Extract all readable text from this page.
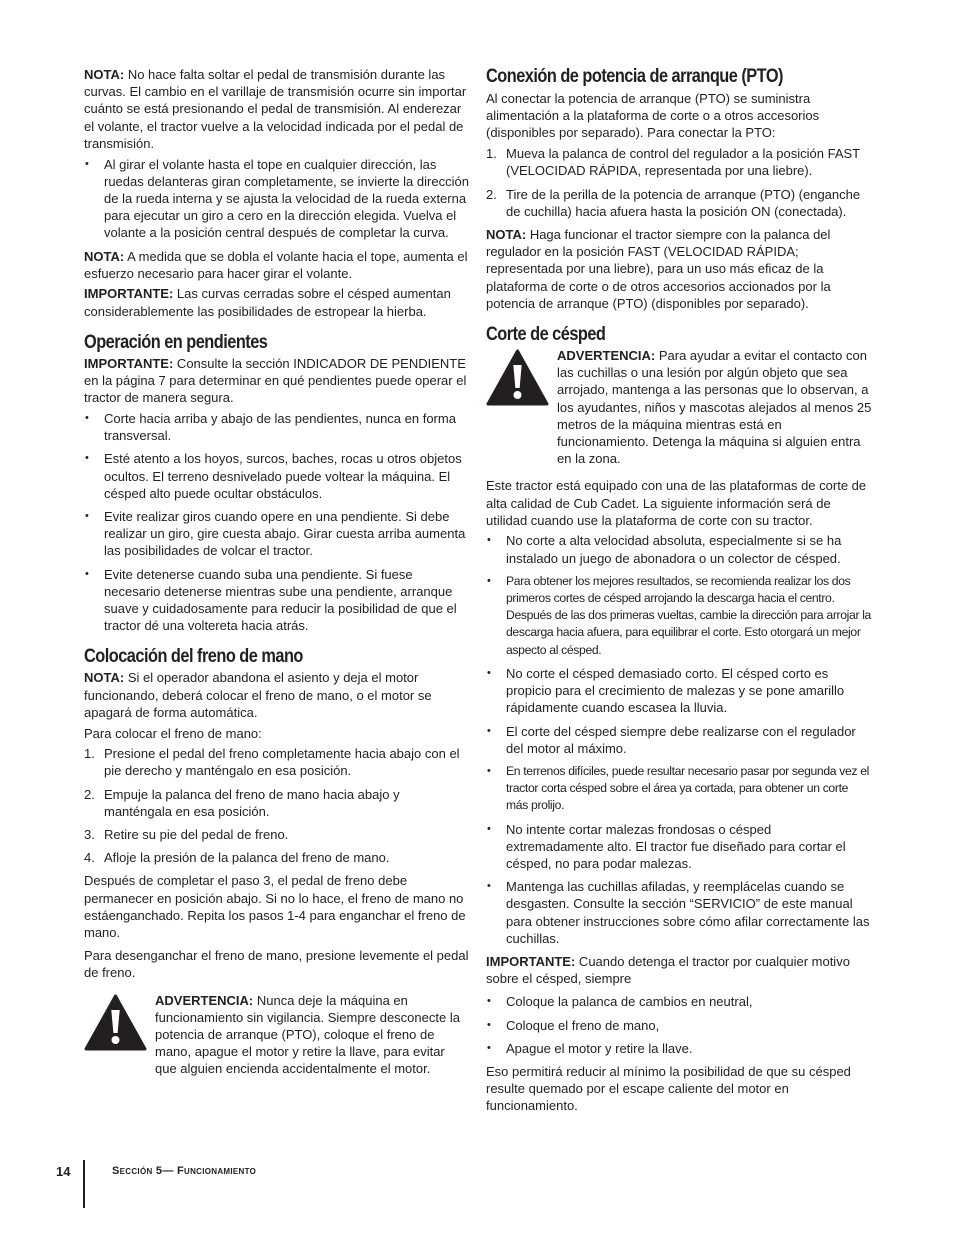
NOTA: No hace falta soltar el pedal de transmisión durante las curvas. El cambio en el varillaje de transmisión ocurre sin importar cuánto se está presionando el pedal de transmisión. Al enderezar el volante, el tractor vuelve a la velocidad indicada por el pedal de transmisión.

• Al girar el volante hasta el tope en cualquier dirección, las ruedas delanteras giran completamente, se invierte la dirección de la rueda interna y se ajusta la velocidad de la rueda externa para ejecutar un giro a cero en la dirección elegida. Vuelva el volante a la posición central después de completar la curva.

NOTA: A medida que se dobla el volante hacia el tope, aumenta el esfuerzo necesario para hacer girar el volante.

IMPORTANTE: Las curvas cerradas sobre el césped aumentan considerablemente las posibilidades de estropear la hierba.

Operación en pendientes

IMPORTANTE: Consulte la sección INDICADOR DE PENDIENTE en la página 7 para determinar en qué pendientes puede operar el tractor de manera segura.

• Corte hacia arriba y abajo de las pendientes, nunca en forma transversal.
• Esté atento a los hoyos, surcos, baches, rocas u otros objetos ocultos. El terreno desnivelado puede voltear la máquina. El césped alto puede ocultar obstáculos.
• Evite realizar giros cuando opere en una pendiente. Si debe realizar un giro, gire cuesta abajo. Girar cuesta arriba aumenta las posibilidades de volcar el tractor.
• Evite detenerse cuando suba una pendiente. Si fuese necesario detenerse mientras sube una pendiente, arranque suave y cuidadosamente para reducir la posibilidad de que el tractor dé una voltereta hacia atrás.
Colocación del freno de mano

NOTA: Si el operador abandona el asiento y deja el motor funcionando, deberá colocar el freno de mano, o el motor se apagará de forma automática.

Para colocar el freno de mano:

1. Presione el pedal del freno completamente hacia abajo con el pie derecho y manténgalo en esa posición.
2. Empuje la palanca del freno de mano hacia abajo y manténgala en esa posición.
3. Retire su pie del pedal de freno.
4. Afloje la presión de la palanca del freno de mano.

Después de completar el paso 3, el pedal de freno debe permanecer en posición abajo. Si no lo hace, el freno de mano no estáenganchado. Repita los pasos 1-4 para enganchar el freno de mano.

Para desenganchar el freno de mano, presione levemente el pedal de freno.

ADVERTENCIA: Nunca deje la máquina en funcionamiento sin vigilancia. Siempre desconecte la potencia de arranque (PTO), coloque el freno de mano, apague el motor y retire la llave, para evitar que alguien encienda accidentalmente el motor.
Conexión de potencia de arranque (PTO)

Al conectar la potencia de arranque (PTO) se suministra alimentación a la plataforma de corte o a otros accesorios (disponibles por separado). Para conectar la PTO:

1. Mueva la palanca de control del regulador a la posición FAST (VELOCIDAD RÁPIDA, representada por una liebre).
2. Tire de la perilla de la potencia de arranque (PTO) (enganche de cuchilla) hacia afuera hasta la posición ON (conectada).

NOTA: Haga funcionar el tractor siempre con la palanca del regulador en la posición FAST (VELOCIDAD RÁPIDA; representada por una liebre), para un uso más eficaz de la plataforma de corte o de otros accesorios accionados por la potencia de arranque (PTO) (disponibles por separado).

Corte de césped
ADVERTENCIA: Para ayudar a evitar el contacto con las cuchillas o una lesión por algún objeto que sea arrojado, mantenga a las personas que lo observan, a los ayudantes, niños y mascotas alejados al menos 25 metros de la máquina mientras está en funcionamiento. Detenga la máquina si alguien entra en la zona.

Este tractor está equipado con una de las plataformas de corte de alta calidad de Cub Cadet. La siguiente información será de utilidad cuando use la plataforma de corte con su tractor.

• No corte a alta velocidad absoluta, especialmente si se ha instalado un juego de abonadora o un colector de césped.
• Para obtener los mejores resultados, se recomienda realizar los dos primeros cortes de césped arrojando la descarga hacia el centro. Después de las dos primeras vueltas, cambie la dirección para arrojar la descarga hacia afuera, para equilibrar el corte. Esto otorgará un mejor aspecto al césped.
• No corte el césped demasiado corto. El césped corto es propicio para el crecimiento de malezas y se pone amarillo rápidamente cuando escasea la lluvia.
• El corte del césped siempre debe realizarse con el regulador del motor al máximo.
• En terrenos difíciles, puede resultar necesario pasar por segunda vez el tractor corta césped sobre el área ya cortada, para obtener un corte más prolijo.
• No intente cortar malezas frondosas o césped extremadamente alto. El tractor fue diseñado para cortar el césped, no para podar malezas.
• Mantenga las cuchillas afiladas, y reemplácelas cuando se desgasten. Consulte la sección “SERVICIO” de este manual para obtener instrucciones sobre cómo afilar correctamente las cuchillas.

IMPORTANTE: Cuando detenga el tractor por cualquier motivo sobre el césped, siempre

• Coloque la palanca de cambios en neutral,
• Coloque el freno de mano,
• Apague el motor y retire la llave.

Eso permitirá reducir al mínimo la posibilidad de que su césped resulte quemado por el escape caliente del motor en funcionamiento.

14	Sección 5— Funcionamiento
